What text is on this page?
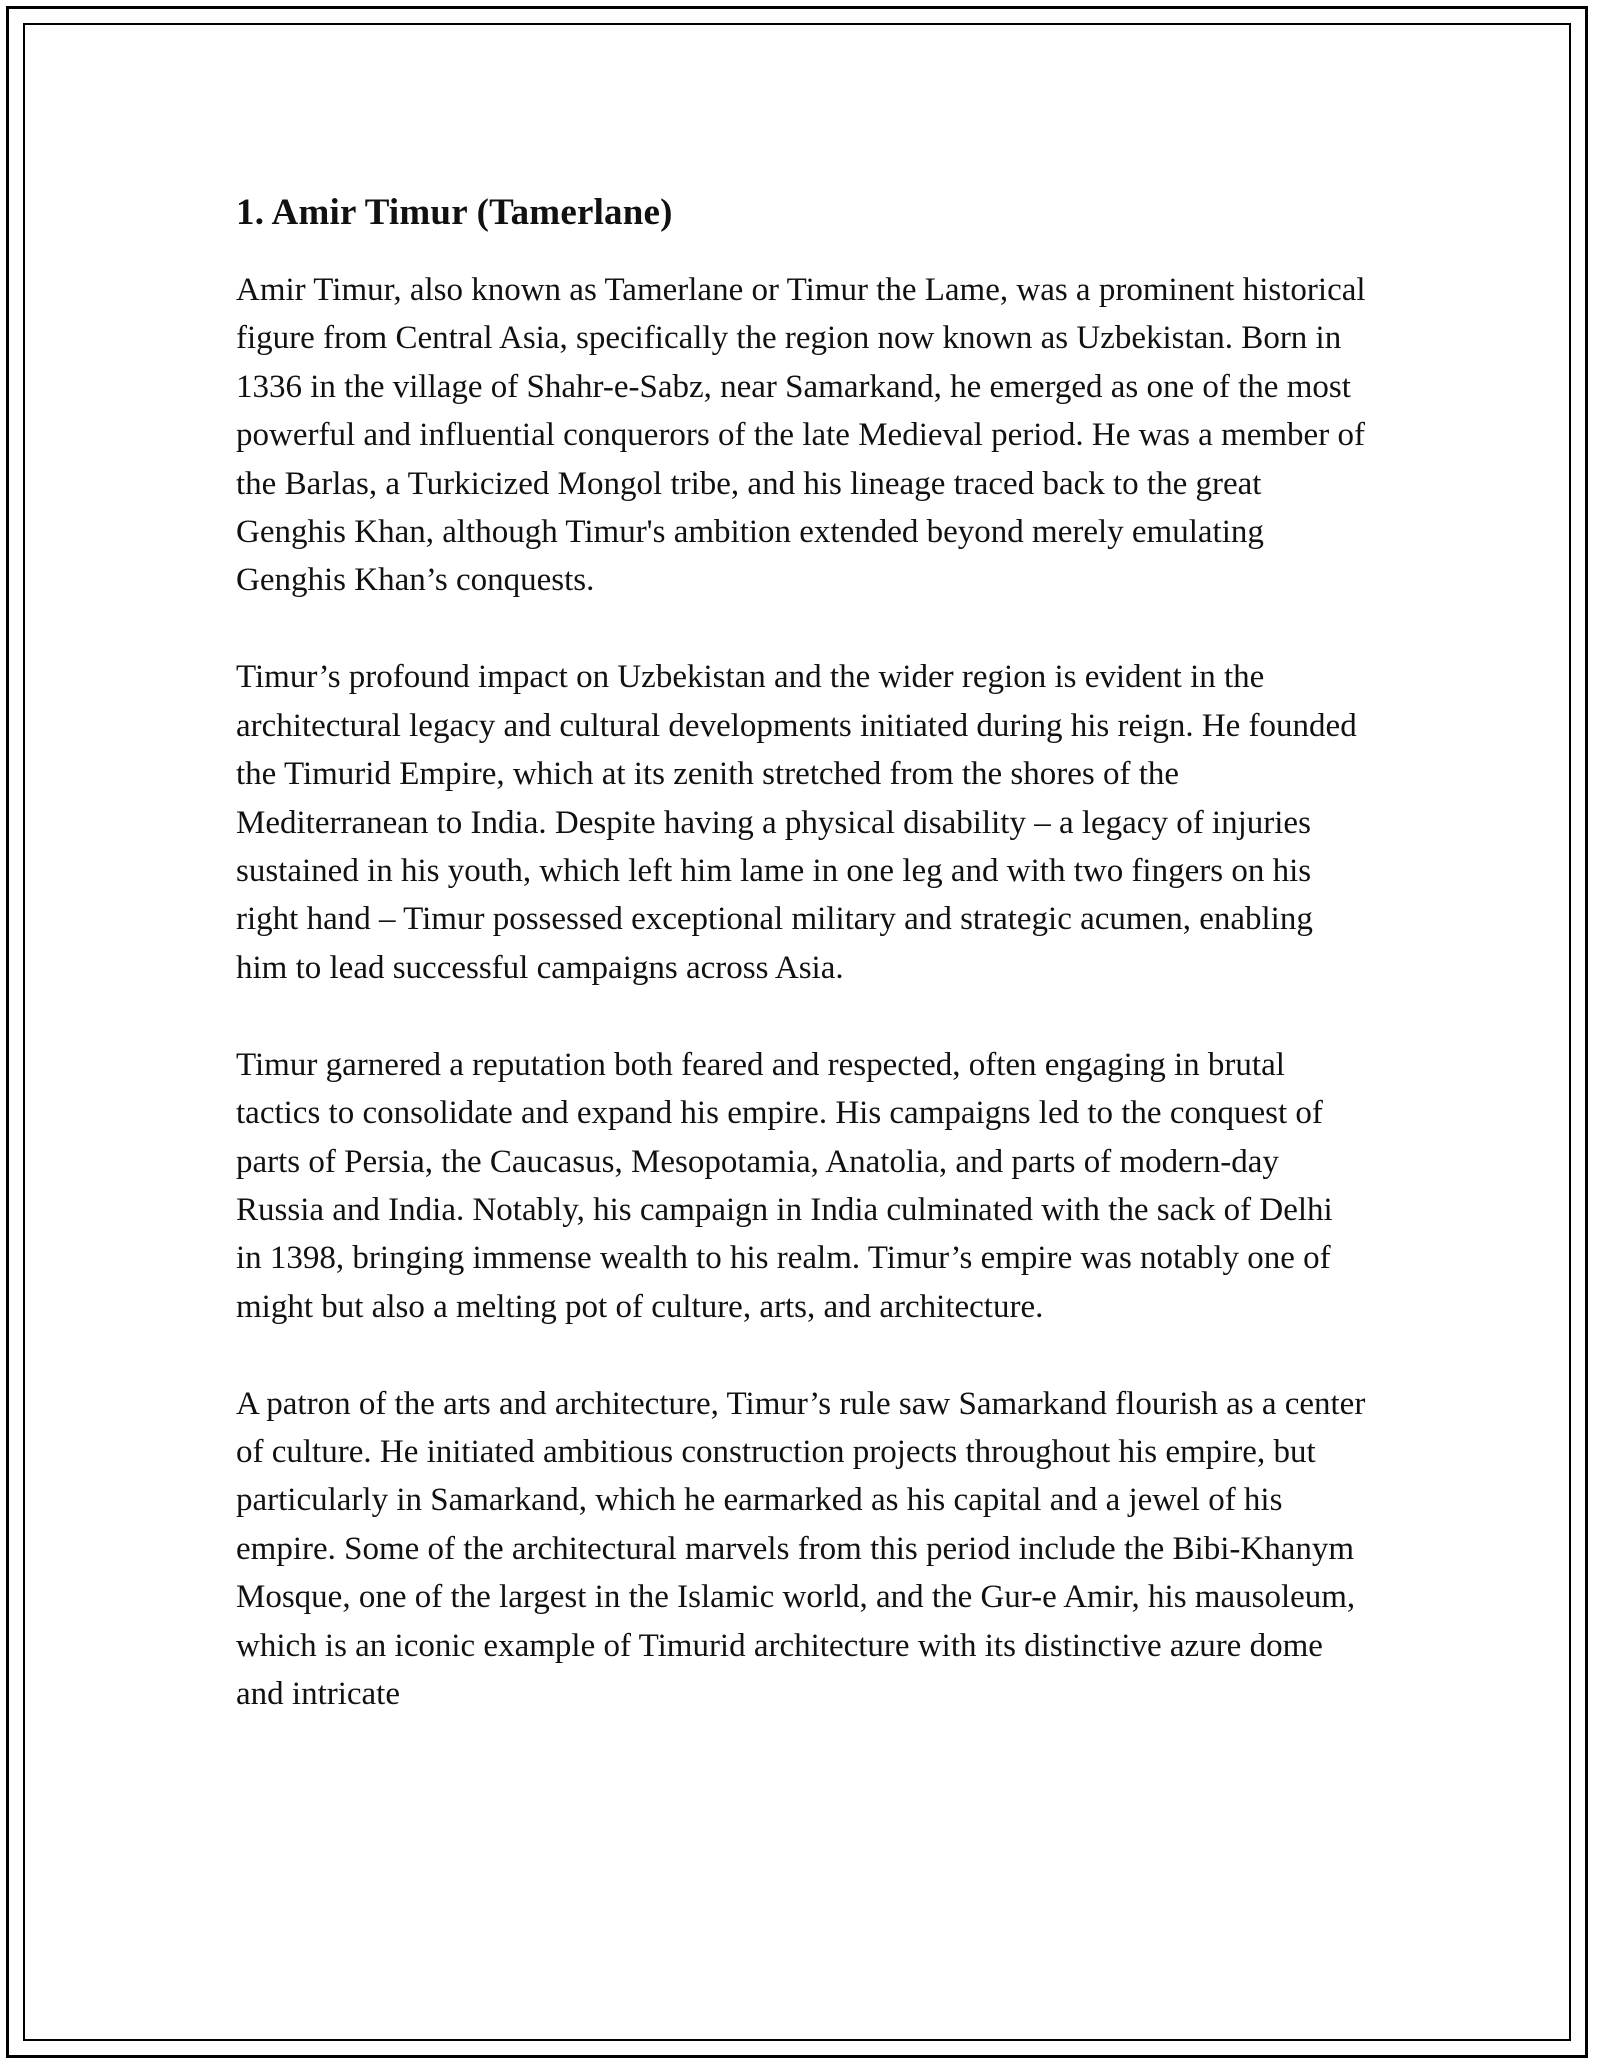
1. Amir Timur (Tamerlane)

Amir Timur, also known as Tamerlane or Timur the Lame, was a prominent historical figure from Central Asia, specifically the region now known as Uzbekistan. Born in 1336 in the village of Shahr-e-Sabz, near Samarkand, he emerged as one of the most powerful and influential conquerors of the late Medieval period. He was a member of the Barlas, a Turkicized Mongol tribe, and his lineage traced back to the great Genghis Khan, although Timur's ambition extended beyond merely emulating Genghis Khan’s conquests.

Timur’s profound impact on Uzbekistan and the wider region is evident in the architectural legacy and cultural developments initiated during his reign. He founded the Timurid Empire, which at its zenith stretched from the shores of the Mediterranean to India. Despite having a physical disability – a legacy of injuries sustained in his youth, which left him lame in one leg and with two fingers on his right hand – Timur possessed exceptional military and strategic acumen, enabling him to lead successful campaigns across Asia.

Timur garnered a reputation both feared and respected, often engaging in brutal tactics to consolidate and expand his empire. His campaigns led to the conquest of parts of Persia, the Caucasus, Mesopotamia, Anatolia, and parts of modern-day Russia and India. Notably, his campaign in India culminated with the sack of Delhi in 1398, bringing immense wealth to his realm. Timur’s empire was notably one of might but also a melting pot of culture, arts, and architecture.

A patron of the arts and architecture, Timur’s rule saw Samarkand flourish as a center of culture. He initiated ambitious construction projects throughout his empire, but particularly in Samarkand, which he earmarked as his capital and a jewel of his empire. Some of the architectural marvels from this period include the Bibi-Khanym Mosque, one of the largest in the Islamic world, and the Gur-e Amir, his mausoleum, which is an iconic example of Timurid architecture with its distinctive azure dome and intricate
